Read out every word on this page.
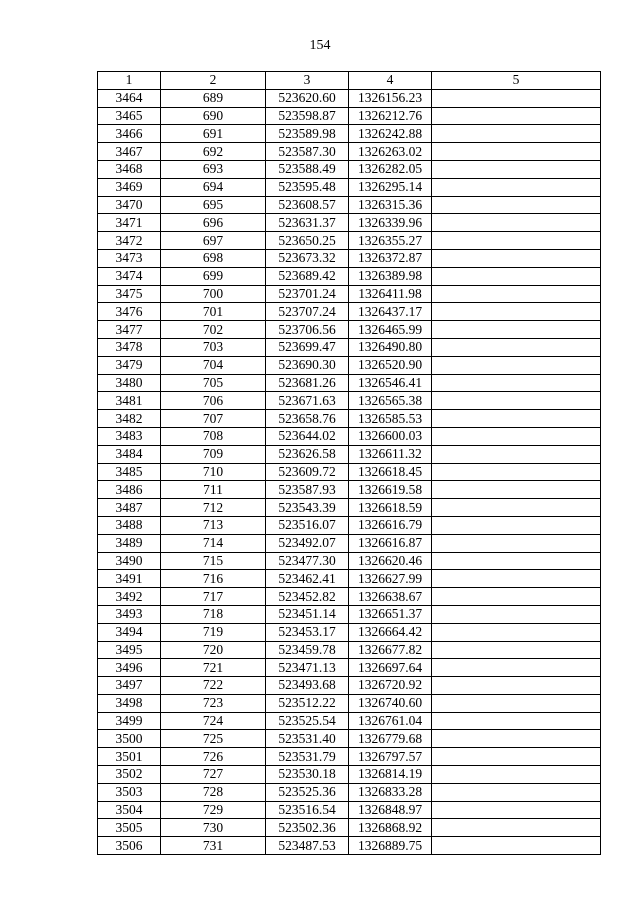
154
1	2	3	4	5
3464	689	523620.60	1326156.23	
3465	690	523598.87	1326212.76	
3466	691	523589.98	1326242.88	
3467	692	523587.30	1326263.02	
3468	693	523588.49	1326282.05	
3469	694	523595.48	1326295.14	
3470	695	523608.57	1326315.36	
3471	696	523631.37	1326339.96	
3472	697	523650.25	1326355.27	
3473	698	523673.32	1326372.87	
3474	699	523689.42	1326389.98	
3475	700	523701.24	1326411.98	
3476	701	523707.24	1326437.17	
3477	702	523706.56	1326465.99	
3478	703	523699.47	1326490.80	
3479	704	523690.30	1326520.90	
3480	705	523681.26	1326546.41	
3481	706	523671.63	1326565.38	
3482	707	523658.76	1326585.53	
3483	708	523644.02	1326600.03	
3484	709	523626.58	1326611.32	
3485	710	523609.72	1326618.45	
3486	711	523587.93	1326619.58	
3487	712	523543.39	1326618.59	
3488	713	523516.07	1326616.79	
3489	714	523492.07	1326616.87	
3490	715	523477.30	1326620.46	
3491	716	523462.41	1326627.99	
3492	717	523452.82	1326638.67	
3493	718	523451.14	1326651.37	
3494	719	523453.17	1326664.42	
3495	720	523459.78	1326677.82	
3496	721	523471.13	1326697.64	
3497	722	523493.68	1326720.92	
3498	723	523512.22	1326740.60	
3499	724	523525.54	1326761.04	
3500	725	523531.40	1326779.68	
3501	726	523531.79	1326797.57	
3502	727	523530.18	1326814.19	
3503	728	523525.36	1326833.28	
3504	729	523516.54	1326848.97	
3505	730	523502.36	1326868.92	
3506	731	523487.53	1326889.75	
